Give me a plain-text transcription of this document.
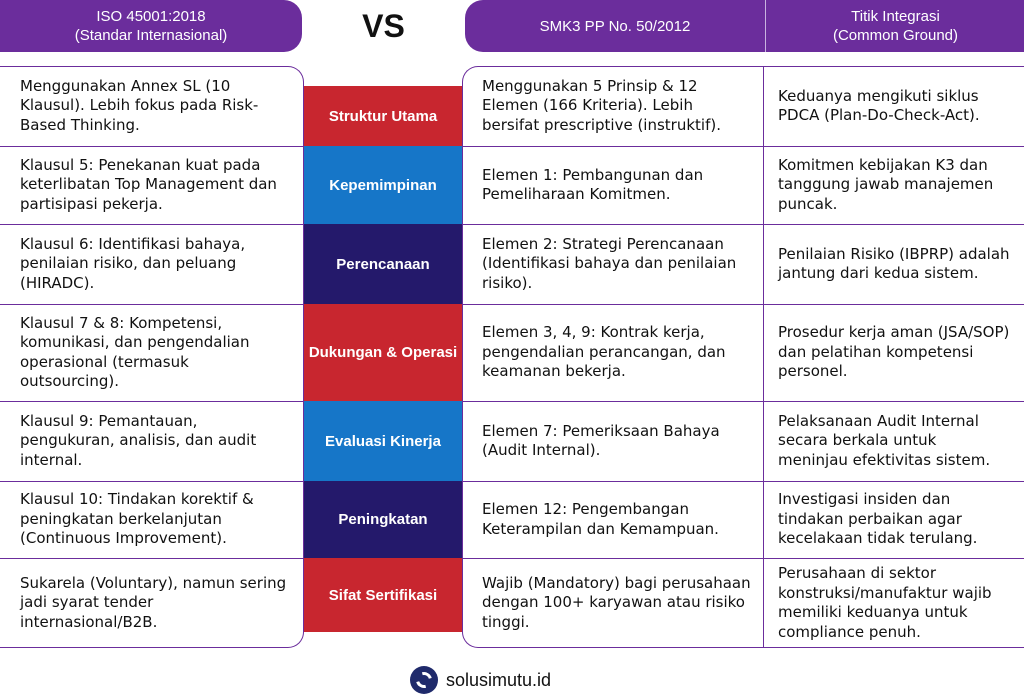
ISO 45001:2018
(Standar Internasional)	VS	SMK3 PP No. 50/2012
Titik Integrasi
(Common Ground)
Struktur Utama
Kepemimpinan
Perencanaan
Dukungan & Operasi
Evaluasi Kinerja
Peningkatan
Sifat Sertifikasi
Menggunakan Annex SL (10 Klausul). Lebih fokus pada Risk-Based Thinking.
Menggunakan 5 Prinsip & 12 Elemen (166 Kriteria). Lebih bersifat prescriptive (instruktif).
Keduanya mengikuti siklus PDCA (Plan-Do-Check-Act).
Klausul 5: Penekanan kuat pada keterlibatan Top Management dan partisipasi pekerja.
Elemen 1: Pembangunan dan Pemeliharaan Komitmen.
Komitmen kebijakan K3 dan tanggung jawab manajemen puncak.
Klausul 6: Identifikasi bahaya, penilaian risiko, dan peluang (HIRADC).
Elemen 2: Strategi Perencanaan (Identifikasi bahaya dan penilaian risiko).
Penilaian Risiko (IBPRP) adalah jantung dari kedua sistem.
Klausul 7 & 8: Kompetensi, komunikasi, dan pengendalian operasional (termasuk outsourcing).
Elemen 3, 4, 9: Kontrak kerja, pengendalian perancangan, dan keamanan bekerja.
Prosedur kerja aman (JSA/SOP) dan pelatihan kompetensi personel.
Klausul 9: Pemantauan, pengukuran, analisis, dan audit internal.
Elemen 7: Pemeriksaan Bahaya (Audit Internal).
Pelaksanaan Audit Internal secara berkala untuk meninjau efektivitas sistem.
Klausul 10: Tindakan korektif & peningkatan berkelanjutan (Continuous Improvement).
Elemen 12: Pengembangan Keterampilan dan Kemampuan.
Investigasi insiden dan tindakan perbaikan agar kecelakaan tidak terulang.
Sukarela (Voluntary), namun sering jadi syarat tender internasional/B2B.
Wajib (Mandatory) bagi perusahaan dengan 100+ karyawan atau risiko tinggi.
Perusahaan di sektor konstruksi/manufaktur wajib memiliki keduanya untuk compliance penuh.
solusimutu.id
